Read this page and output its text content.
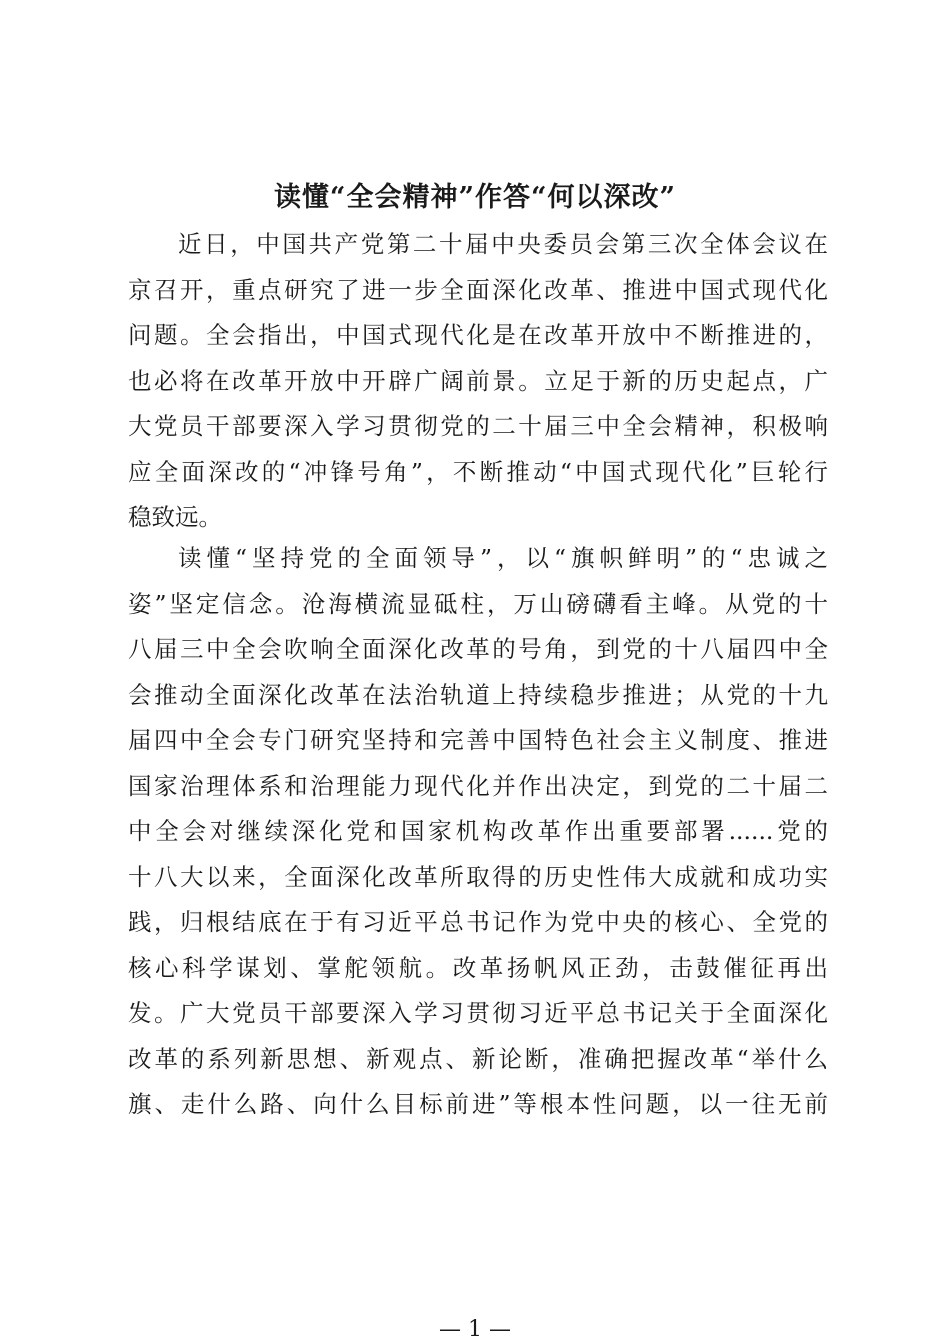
读懂“全会精神”作答“何以深改”
近日，中国共产党第二十届中央委员会第三次全体会议在
京召开，重点研究了进一步全面深化改革、推进中国式现代化
问题。全会指出，中国式现代化是在改革开放中不断推进的，
也必将在改革开放中开辟广阔前景。立足于新的历史起点，广
大党员干部要深入学习贯彻党的二十届三中全会精神，积极响
应全面深改的“冲锋号角”，不断推动“中国式现代化”巨轮行
稳致远。
读懂“坚持党的全面领导”，以“旗帜鲜明”的“忠诚之
姿”坚定信念。沧海横流显砥柱，万山磅礴看主峰。从党的十
八届三中全会吹响全面深化改革的号角，到党的十八届四中全
会推动全面深化改革在法治轨道上持续稳步推进；从党的十九
届四中全会专门研究坚持和完善中国特色社会主义制度、推进
国家治理体系和治理能力现代化并作出决定，到党的二十届二
中全会对继续深化党和国家机构改革作出重要部署......党的
十八大以来，全面深化改革所取得的历史性伟大成就和成功实
践，归根结底在于有习近平总书记作为党中央的核心、全党的
核心科学谋划、掌舵领航。改革扬帆风正劲，击鼓催征再出
发。广大党员干部要深入学习贯彻习近平总书记关于全面深化
改革的系列新思想、新观点、新论断，准确把握改革“举什么
旗、走什么路、向什么目标前进”等根本性问题，以一往无前
— 1 —
